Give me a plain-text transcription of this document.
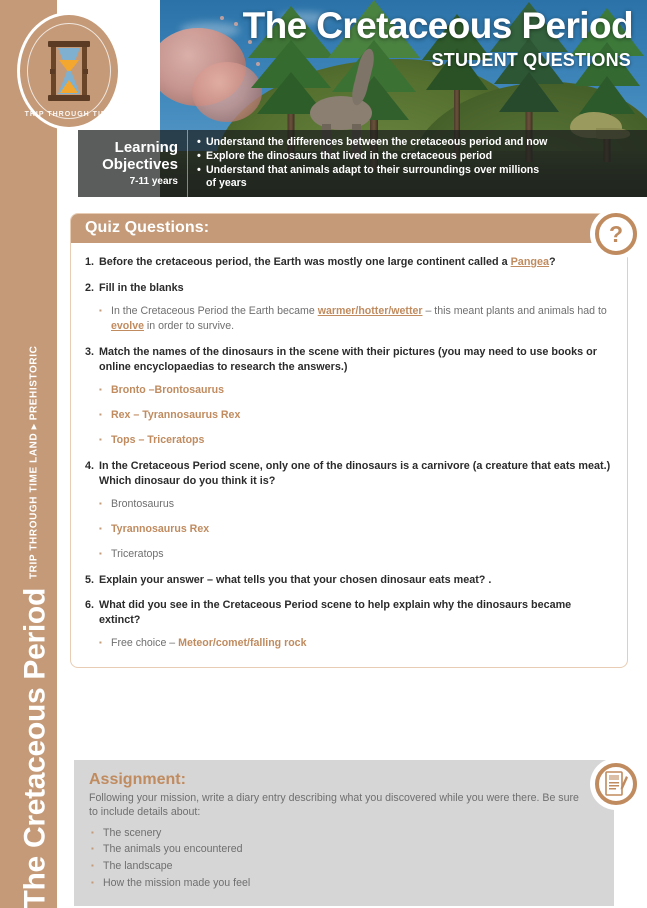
The Cretaceous Period
TRIP THROUGH TIME LAND ▸ PREHISTORIC
The Cretaceous Period
STUDENT QUESTIONS
Learning
Objectives
7-11 years
• Understand the differences between the cretaceous period and now
• Explore the dinosaurs that lived in the cretaceous period
• Understand that animals adapt to their surroundings over millions
of years
TRIP THROUGH TIME
Quiz Questions:
1. Before the cretaceous period, the Earth was mostly one large continent called a Pangea?
2. Fill in the blanks
▪ In the Cretaceous Period the Earth became warmer/hotter/wetter – this meant plants and animals had to evolve in order to survive.
3. Match the names of the dinosaurs in the scene with their pictures (you may need to use books or online encyclopaedias to research the answers.)
▪ Bronto –Brontosaurus
▪ Rex – Tyrannosaurus Rex
▪ Tops – Triceratops
4. In the Cretaceous Period scene, only one of the dinosaurs is a carnivore (a creature that eats meat.) Which dinosaur do you think it is?
▪ Brontosaurus
▪ Tyrannosaurus Rex
▪ Triceratops
5. Explain your answer – what tells you that your chosen dinosaur eats meat? .
6. What did you see in the Cretaceous Period scene to help explain why the dinosaurs became extinct?
▪ Free choice – Meteor/comet/falling rock
?
Assignment:
Following your mission, write a diary entry describing what you discovered while you were there. Be sure to include details about:
▪ The scenery
▪ The animals you encountered
▪ The landscape
▪ How the mission made you feel
